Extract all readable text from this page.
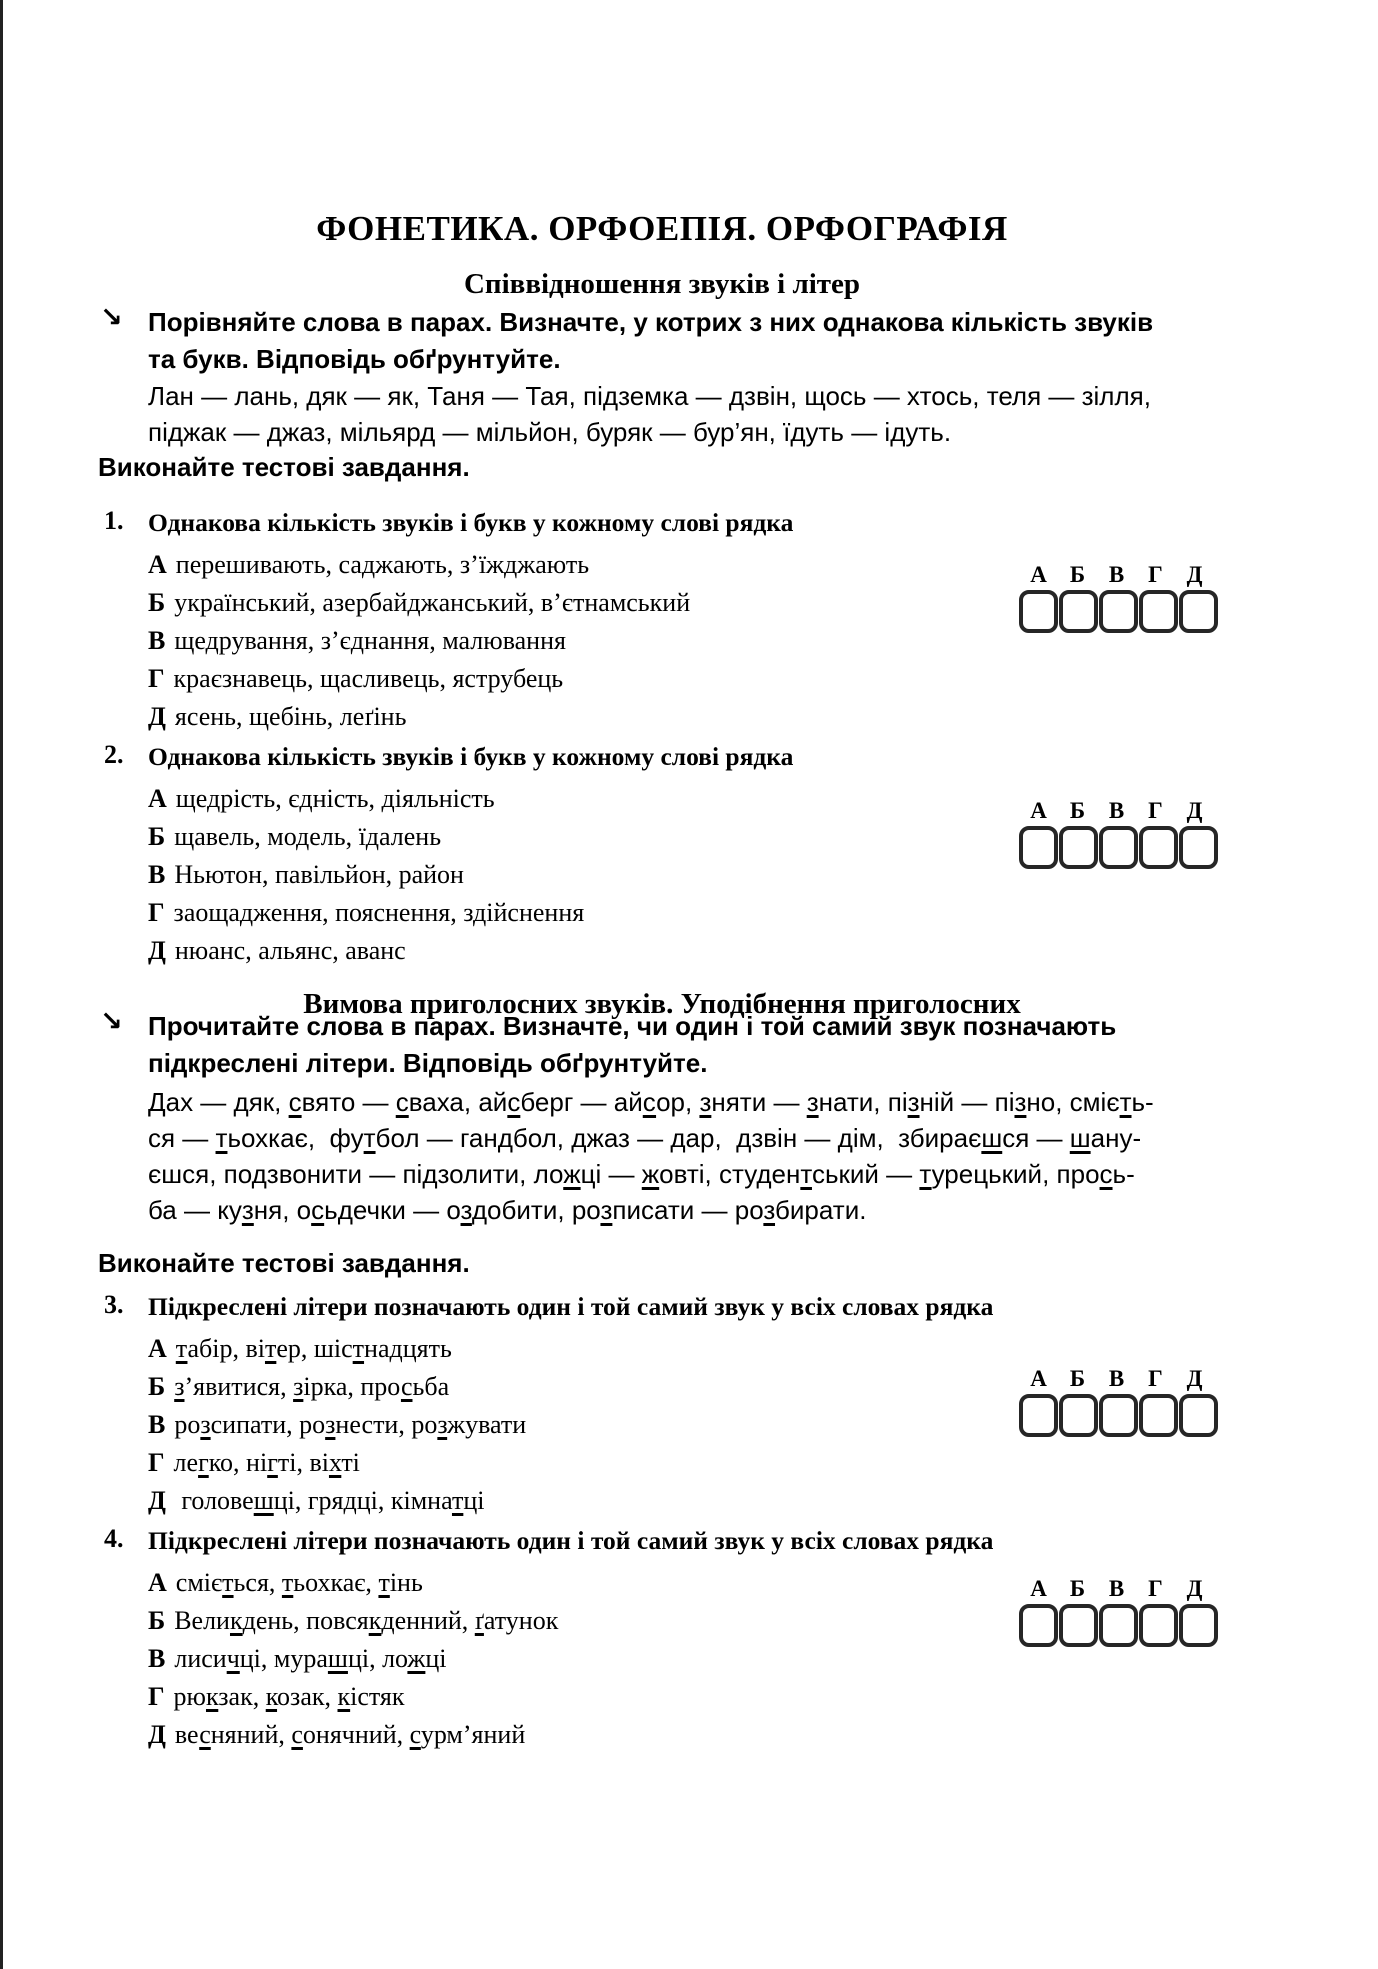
ФОНЕТИКА. ОРФОЕПІЯ. ОРФОГРАФІЯ
Співвідношення звуків і літер
↘ Порівняйте слова в парах. Визначте, у котрих з них однакова кількість звуків
та букв. Відповідь обґрунтуйте.
Лан — лань, дяк — як, Таня — Тая, підземка — дзвін, щось — хтось, теля — зілля,
піджак — джаз, мільярд — мільйон, буряк — бур’ян, їдуть — ідуть.
Виконайте тестові завдання.
1. Однакова кількість звуків і букв у кожному слові рядка
А перешивають, саджають, з’їжджають
Б український, азербайджанський, в’єтнамський
В щедрування, з’єднання, малювання
Г краєзнавець, щасливець, яструбець
Д ясень, щебінь, леґінь
2. Однакова кількість звуків і букв у кожному слові рядка
А щедрість, єдність, діяльність
Б щавель, модель, їдалень
В Ньютон, павільйон, район
Г заощадження, пояснення, здійснення
Д нюанс, альянс, аванс
Вимова приголосних звуків. Уподібнення приголосних
↘ Прочитайте слова в парах. Визначте, чи один і той самий звук позначають
підкреслені літери. Відповідь обґрунтуйте.
Дах — дяк, свято — сваха, айсберг — айсор, зняти — знати, пізній — пізно, смієть-
ся — тьохкає,  футбол — гандбол, джаз — дар,  дзвін — дім,  збираєшся — шану-
єшся, подзвонити — підзолити, ложці — жовті, студентський — турецький, прось-
ба — кузня, осьдечки — оздобити, розписати — розбирати.
Виконайте тестові завдання.
3. Підкреслені літери позначають один і той самий звук у всіх словах рядка
А табір, вітер, шістнадцять
Б з’явитися, зірка, просьба
В розсипати, рознести, розжувати
Г легко, нігті, віхті
Д головешці, грядці, кімнатці
4. Підкреслені літери позначають один і той самий звук у всіх словах рядка
А сміється, тьохкає, тінь
Б Великдень, повсякденний, ґатунок
В лисичці, мурашці, ложці
Г рюкзак, козак, кістяк
Д весняний, сонячний, сурм’яний
А	Б	В	Г	Д
А	Б	В	Г	Д
А	Б	В	Г	Д
А	Б	В	Г	Д
